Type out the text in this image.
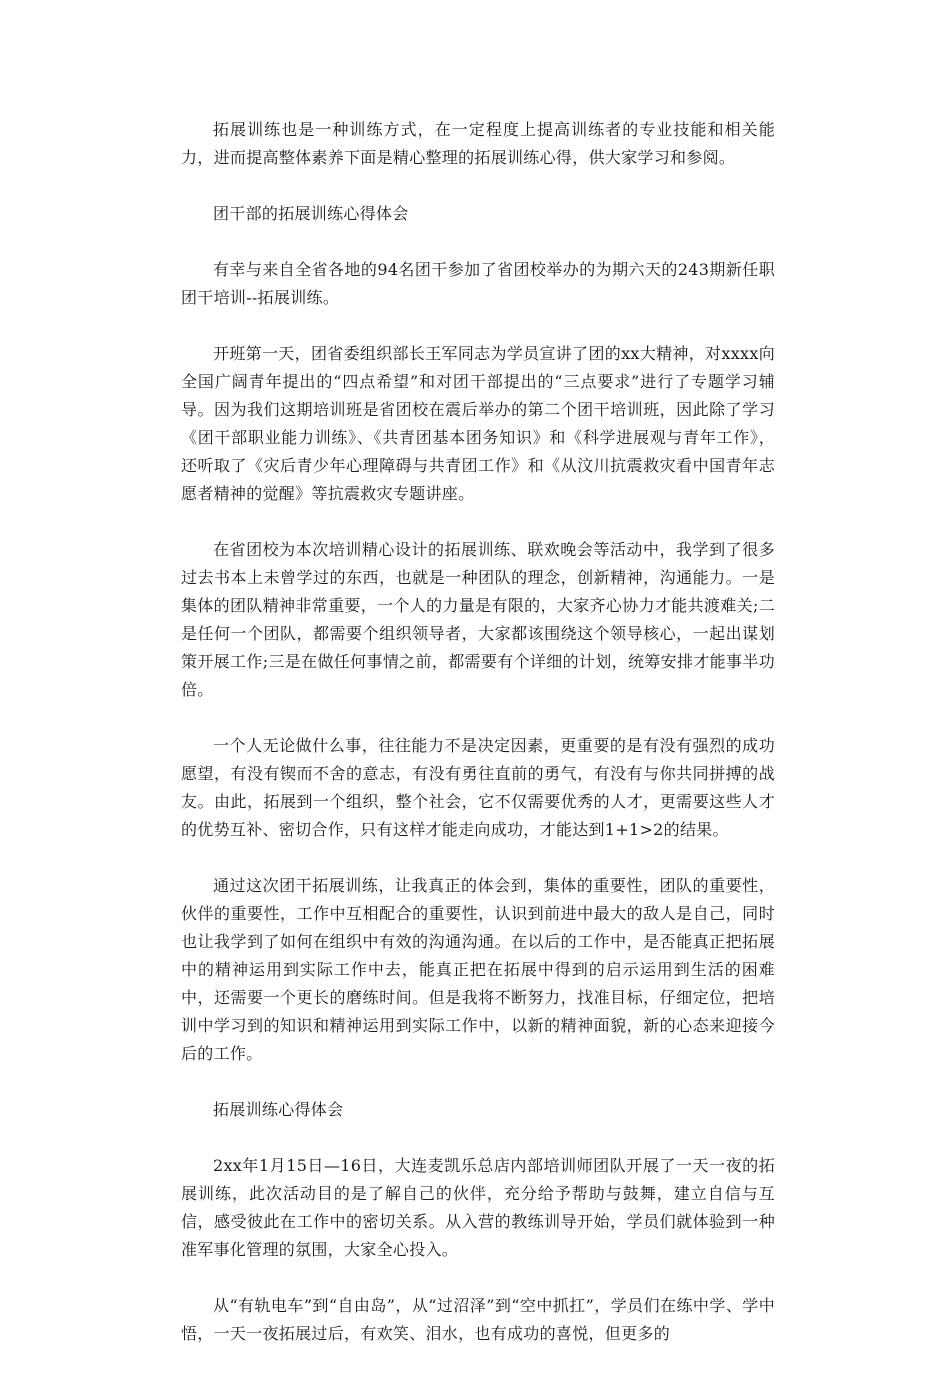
拓展训练也是一种训练方式，在一定程度上提高训练者的专业技能和相关能力，进而提高整体素养下面是精心整理的拓展训练心得，供大家学习和参阅。

团干部的拓展训练心得体会

有幸与来自全省各地的94名团干参加了省团校举办的为期六天的243期新任职团干培训--拓展训练。

开班第一天，团省委组织部长王军同志为学员宣讲了团的xx大精神，对xxxx向全国广阔青年提出的“四点希望”和对团干部提出的“三点要求”进行了专题学习辅导。因为我们这期培训班是省团校在震后举办的第二个团干培训班，因此除了学习《团干部职业能力训练》、《共青团基本团务知识》和《科学进展观与青年工作》，还听取了《灾后青少年心理障碍与共青团工作》和《从汶川抗震救灾看中国青年志愿者精神的觉醒》等抗震救灾专题讲座。

在省团校为本次培训精心设计的拓展训练、联欢晚会等活动中，我学到了很多过去书本上未曾学过的东西，也就是一种团队的理念，创新精神，沟通能力。一是集体的团队精神非常重要，一个人的力量是有限的，大家齐心协力才能共渡难关;二是任何一个团队，都需要个组织领导者，大家都该围绕这个领导核心，一起出谋划策开展工作;三是在做任何事情之前，都需要有个详细的计划，统筹安排才能事半功倍。

一个人无论做什么事，往往能力不是决定因素，更重要的是有没有强烈的成功愿望，有没有锲而不舍的意志，有没有勇往直前的勇气，有没有与你共同拼搏的战友。由此，拓展到一个组织，整个社会，它不仅需要优秀的人才，更需要这些人才的优势互补、密切合作，只有这样才能走向成功，才能达到1+1>2的结果。

通过这次团干拓展训练，让我真正的体会到，集体的重要性，团队的重要性，伙伴的重要性，工作中互相配合的重要性，认识到前进中最大的敌人是自己，同时也让我学到了如何在组织中有效的沟通沟通。在以后的工作中，是否能真正把拓展中的精神运用到实际工作中去，能真正把在拓展中得到的启示运用到生活的困难中，还需要一个更长的磨练时间。但是我将不断努力，找准目标，仔细定位，把培训中学习到的知识和精神运用到实际工作中，以新的精神面貌，新的心态来迎接今后的工作。

拓展训练心得体会

2xx年1月15日—16日，大连麦凯乐总店内部培训师团队开展了一天一夜的拓展训练，此次活动目的是了解自己的伙伴，充分给予帮助与鼓舞，建立自信与互信，感受彼此在工作中的密切关系。从入营的教练训导开始，学员们就体验到一种准军事化管理的氛围，大家全心投入。

从“有轨电车”到“自由岛”，从“过沼泽”到“空中抓扛”，学员们在练中学、学中悟，一天一夜拓展过后，有欢笑、泪水，也有成功的喜悦，但更多的
